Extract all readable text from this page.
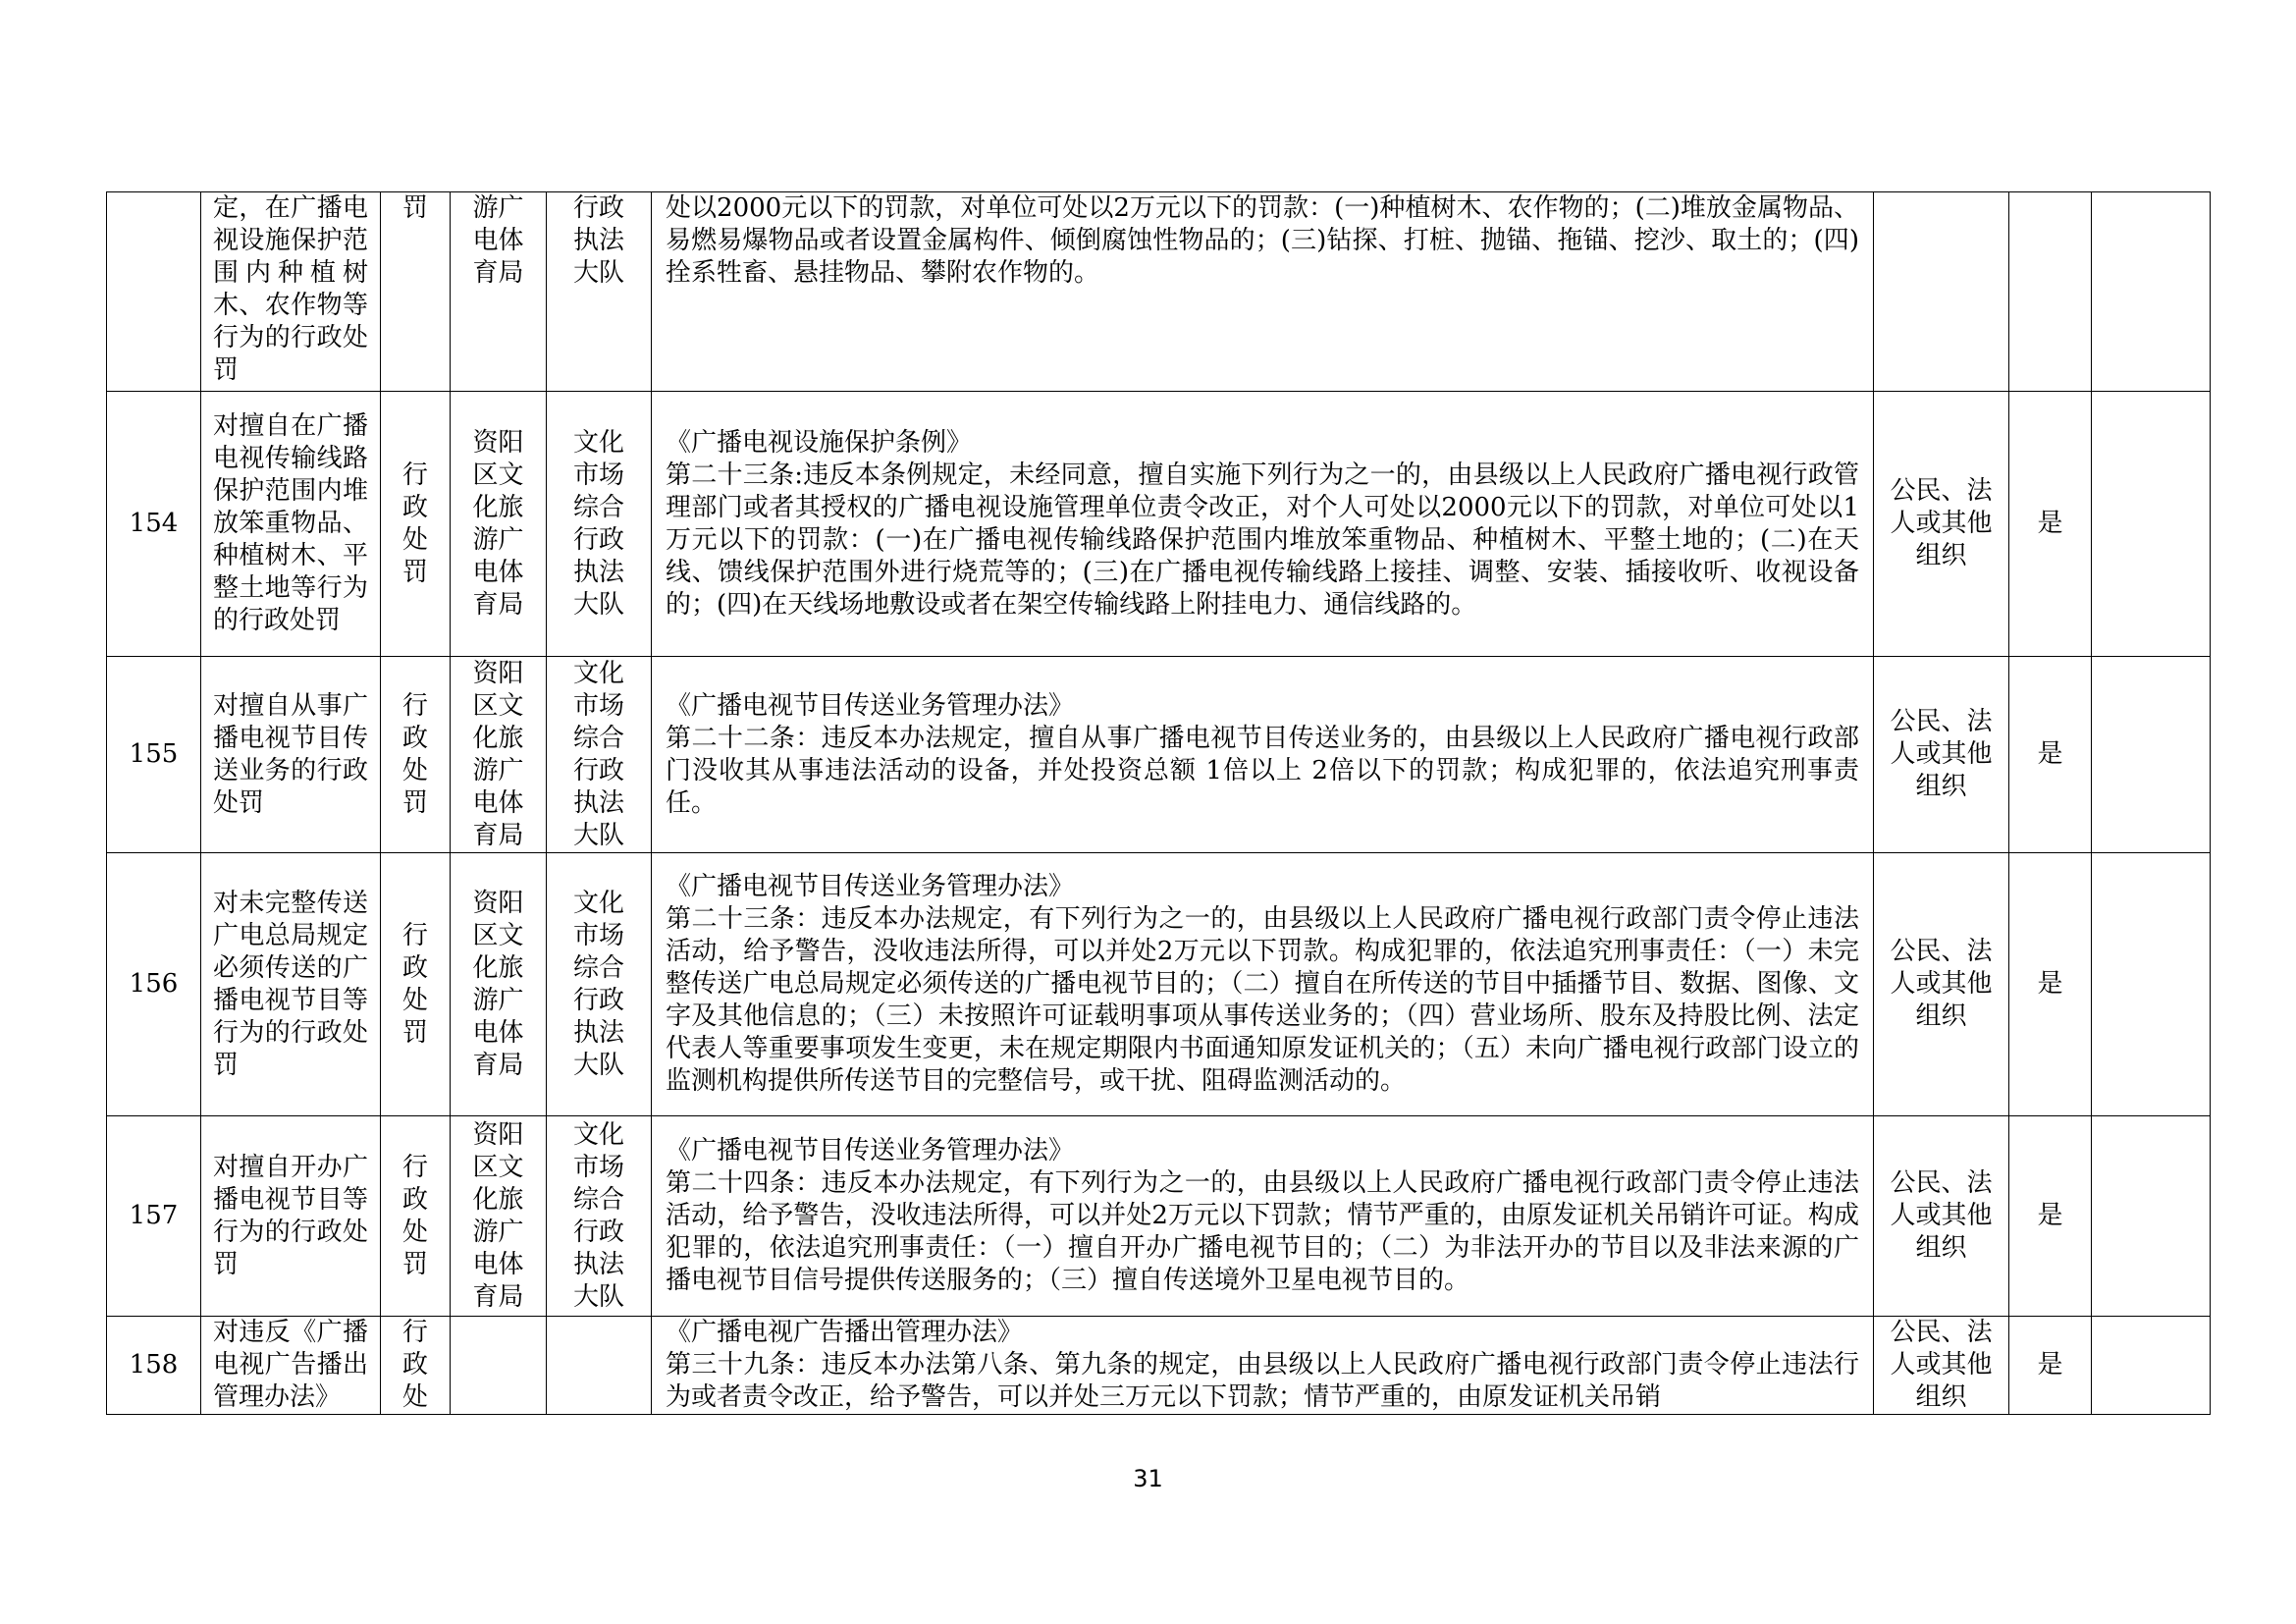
	定，在广播电视设施保护范围内种植树木、农作物等行为的行政处罚	罚	游广电体育局	行政执法大队	处以2000元以下的罚款，对单位可处以2万元以下的罚款：(一)种植树木、农作物的；(二)堆放金属物品、易燃易爆物品或者设置金属构件、倾倒腐蚀性物品的；(三)钻探、打桩、抛锚、拖锚、挖沙、取土的；(四)拴系牲畜、悬挂物品、攀附农作物的。			
154	对擅自在广播电视传输线路保护范围内堆放笨重物品、种植树木、平整土地等行为的行政处罚	行政处罚	资阳区文化旅游广电体育局	文化市场综合行政执法大队	《广播电视设施保护条例》
第二十三条:违反本条例规定，未经同意，擅自实施下列行为之一的，由县级以上人民政府广播电视行政管理部门或者其授权的广播电视设施管理单位责令改正，对个人可处以2000元以下的罚款，对单位可处以1万元以下的罚款：(一)在广播电视传输线路保护范围内堆放笨重物品、种植树木、平整土地的；(二)在天线、馈线保护范围外进行烧荒等的；(三)在广播电视传输线路上接挂、调整、安装、插接收听、收视设备的；(四)在天线场地敷设或者在架空传输线路上附挂电力、通信线路的。	公民、法人或其他组织	是	
155	对擅自从事广播电视节目传送业务的行政处罚	行政处罚	资阳区文化旅游广电体育局	文化市场综合行政执法大队	《广播电视节目传送业务管理办法》
第二十二条：违反本办法规定，擅自从事广播电视节目传送业务的，由县级以上人民政府广播电视行政部门没收其从事违法活动的设备，并处投资总额 1倍以上 2倍以下的罚款；构成犯罪的，依法追究刑事责任。	公民、法人或其他组织	是	
156	对未完整传送广电总局规定必须传送的广播电视节目等行为的行政处罚	行政处罚	资阳区文化旅游广电体育局	文化市场综合行政执法大队	《广播电视节目传送业务管理办法》
第二十三条：违反本办法规定，有下列行为之一的，由县级以上人民政府广播电视行政部门责令停止违法活动，给予警告，没收违法所得，可以并处2万元以下罚款。构成犯罪的，依法追究刑事责任：（一）未完整传送广电总局规定必须传送的广播电视节目的；（二）擅自在所传送的节目中插播节目、数据、图像、文字及其他信息的；（三）未按照许可证载明事项从事传送业务的；（四）营业场所、股东及持股比例、法定代表人等重要事项发生变更，未在规定期限内书面通知原发证机关的；（五）未向广播电视行政部门设立的监测机构提供所传送节目的完整信号，或干扰、阻碍监测活动的。	公民、法人或其他组织	是	
157	对擅自开办广播电视节目等行为的行政处罚	行政处罚	资阳区文化旅游广电体育局	文化市场综合行政执法大队	《广播电视节目传送业务管理办法》
第二十四条：违反本办法规定，有下列行为之一的，由县级以上人民政府广播电视行政部门责令停止违法活动，给予警告，没收违法所得，可以并处2万元以下罚款；情节严重的，由原发证机关吊销许可证。构成犯罪的，依法追究刑事责任：（一）擅自开办广播电视节目的；（二）为非法开办的节目以及非法来源的广播电视节目信号提供传送服务的；（三）擅自传送境外卫星电视节目的。	公民、法人或其他组织	是	
158	对违反《广播电视广告播出管理办法》	行政处			《广播电视广告播出管理办法》
第三十九条：违反本办法第八条、第九条的规定，由县级以上人民政府广播电视行政部门责令停止违法行为或者责令改正，给予警告，可以并处三万元以下罚款；情节严重的，由原发证机关吊销	公民、法人或其他组织	是	
31
